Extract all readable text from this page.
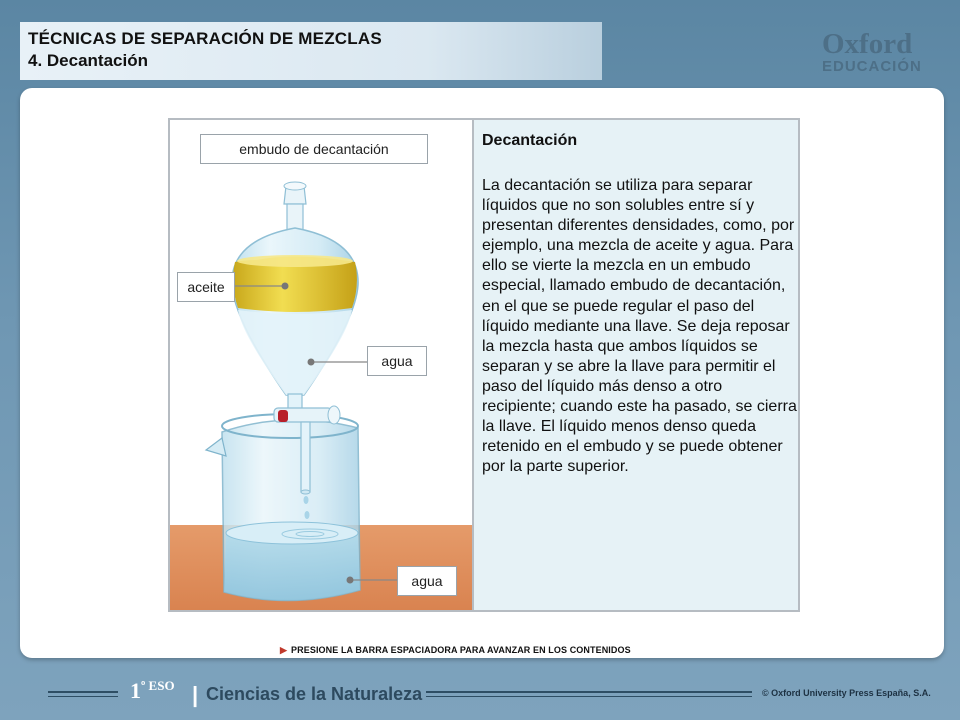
TÉCNICAS DE SEPARACIÓN DE MEZCLAS
4. Decantación
Oxford
EDUCACIÓN
Decantación
La decantación se utiliza para separar líquidos que no son solubles entre sí y presentan diferentes densidades, como, por ejemplo, una mezcla de aceite y agua. Para ello se vierte la mezcla en un embudo especial, llamado embudo de decantación, en el que se puede regular el paso del líquido mediante una llave. Se deja reposar la mezcla hasta que ambos líquidos se separan y se abre la llave para permitir el paso del líquido más denso a otro recipiente; cuando este ha pasado, se cierra la llave. El líquido menos denso queda retenido en el embudo y se puede obtener por la parte superior.
embudo de decantación
aceite
agua
agua
▶ PRESIONE LA BARRA ESPACIADORA PARA AVANZAR EN LOS CONTENIDOS
$1^{º ESO}$ | Ciencias de la Naturaleza	© Oxford University Press España, S.A.
